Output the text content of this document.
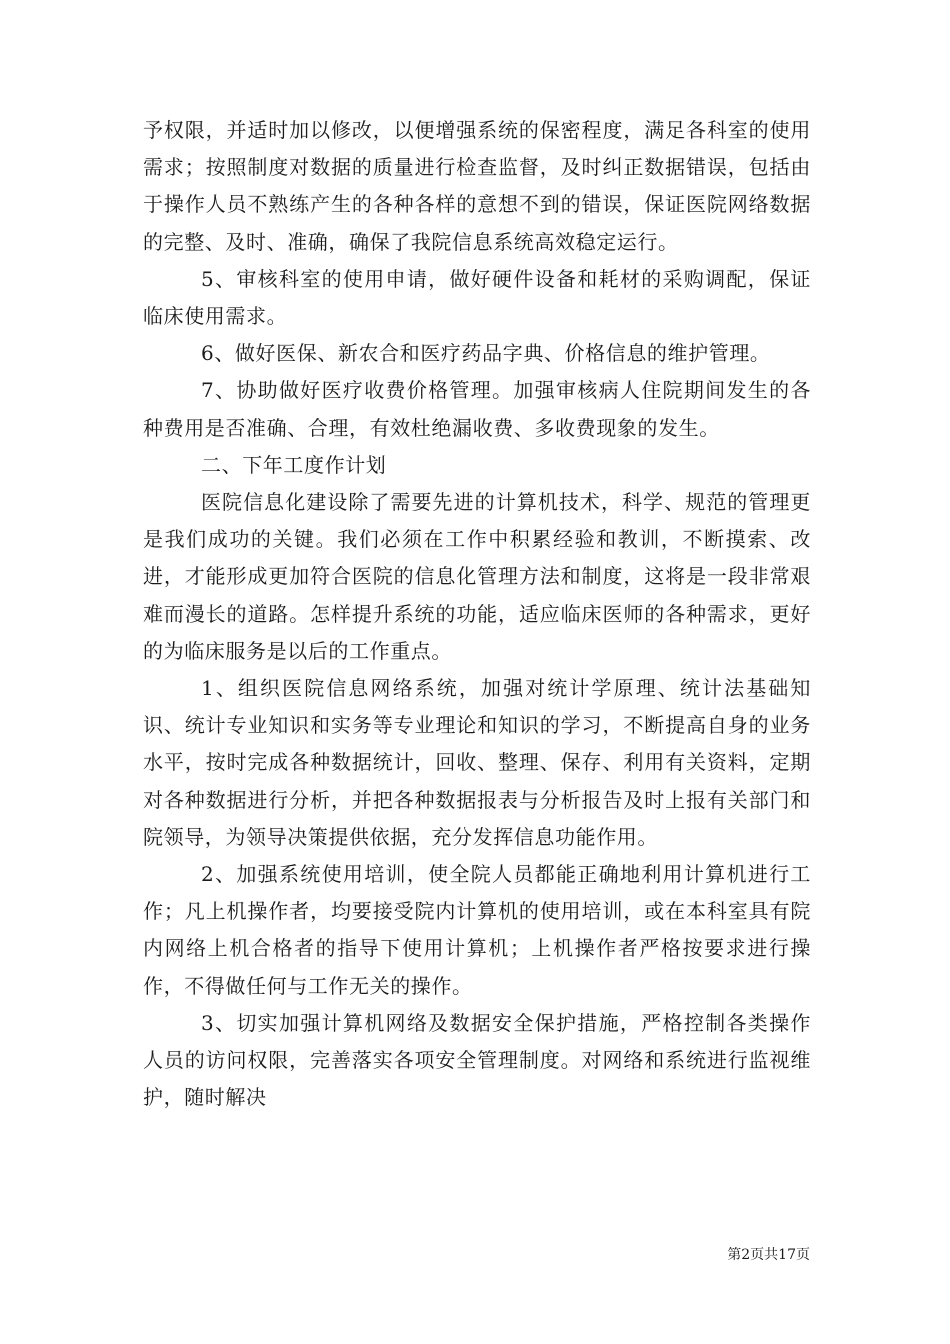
予权限，并适时加以修改，以便增强系统的保密程度，满足各科室的使用需求；按照制度对数据的质量进行检查监督，及时纠正数据错误，包括由于操作人员不熟练产生的各种各样的意想不到的错误，保证医院网络数据的完整、及时、准确，确保了我院信息系统高效稳定运行。

5、审核科室的使用申请，做好硬件设备和耗材的采购调配，保证临床使用需求。

6、做好医保、新农合和医疗药品字典、价格信息的维护管理。

7、协助做好医疗收费价格管理。加强审核病人住院期间发生的各种费用是否准确、合理，有效杜绝漏收费、多收费现象的发生。

二、下年工度作计划

医院信息化建设除了需要先进的计算机技术，科学、规范的管理更是我们成功的关键。我们必须在工作中积累经验和教训，不断摸索、改进，才能形成更加符合医院的信息化管理方法和制度，这将是一段非常艰难而漫长的道路。怎样提升系统的功能，适应临床医师的各种需求，更好的为临床服务是以后的工作重点。

1、组织医院信息网络系统，加强对统计学原理、统计法基础知识、统计专业知识和实务等专业理论和知识的学习，不断提高自身的业务水平，按时完成各种数据统计，回收、整理、保存、利用有关资料，定期对各种数据进行分析，并把各种数据报表与分析报告及时上报有关部门和院领导，为领导决策提供依据，充分发挥信息功能作用。

2、加强系统使用培训，使全院人员都能正确地利用计算机进行工作；凡上机操作者，均要接受院内计算机的使用培训，或在本科室具有院内网络上机合格者的指导下使用计算机；上机操作者严格按要求进行操作，不得做任何与工作无关的操作。

3、切实加强计算机网络及数据安全保护措施，严格控制各类操作人员的访问权限，完善落实各项安全管理制度。对网络和系统进行监视维护，随时解决

第2页共17页
